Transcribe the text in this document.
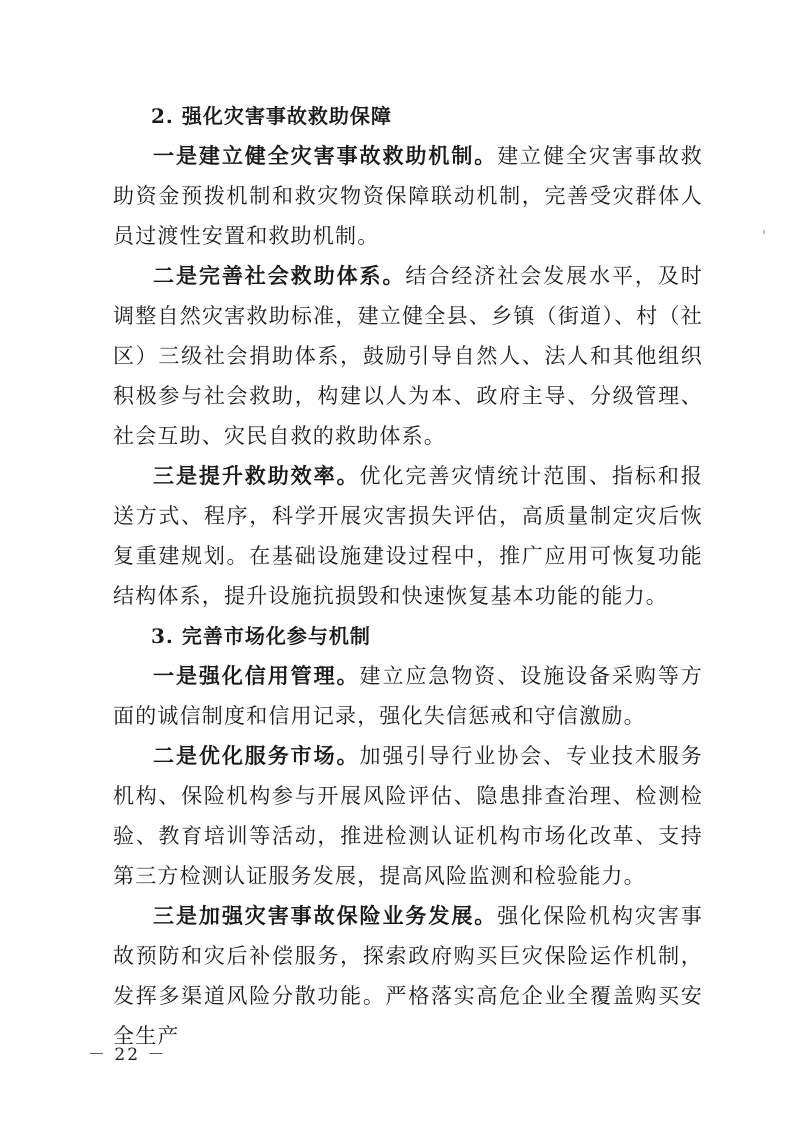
2. 强化灾害事故救助保障

一是建立健全灾害事故救助机制。建立健全灾害事故救助资金预拨机制和救灾物资保障联动机制，完善受灾群体人员过渡性安置和救助机制。

二是完善社会救助体系。结合经济社会发展水平，及时调整自然灾害救助标准，建立健全县、乡镇（街道）、村（社区）三级社会捐助体系，鼓励引导自然人、法人和其他组织积极参与社会救助，构建以人为本、政府主导、分级管理、社会互助、灾民自救的救助体系。

三是提升救助效率。优化完善灾情统计范围、指标和报送方式、程序，科学开展灾害损失评估，高质量制定灾后恢复重建规划。在基础设施建设过程中，推广应用可恢复功能结构体系，提升设施抗损毁和快速恢复基本功能的能力。

3. 完善市场化参与机制

一是强化信用管理。建立应急物资、设施设备采购等方面的诚信制度和信用记录，强化失信惩戒和守信激励。

二是优化服务市场。加强引导行业协会、专业技术服务机构、保险机构参与开展风险评估、隐患排查治理、检测检验、教育培训等活动，推进检测认证机构市场化改革、支持第三方检测认证服务发展，提高风险监测和检验能力。

三是加强灾害事故保险业务发展。强化保险机构灾害事故预防和灾后补偿服务，探索政府购买巨灾保险运作机制，发挥多渠道风险分散功能。严格落实高危企业全覆盖购买安全生产

－ 22 －
